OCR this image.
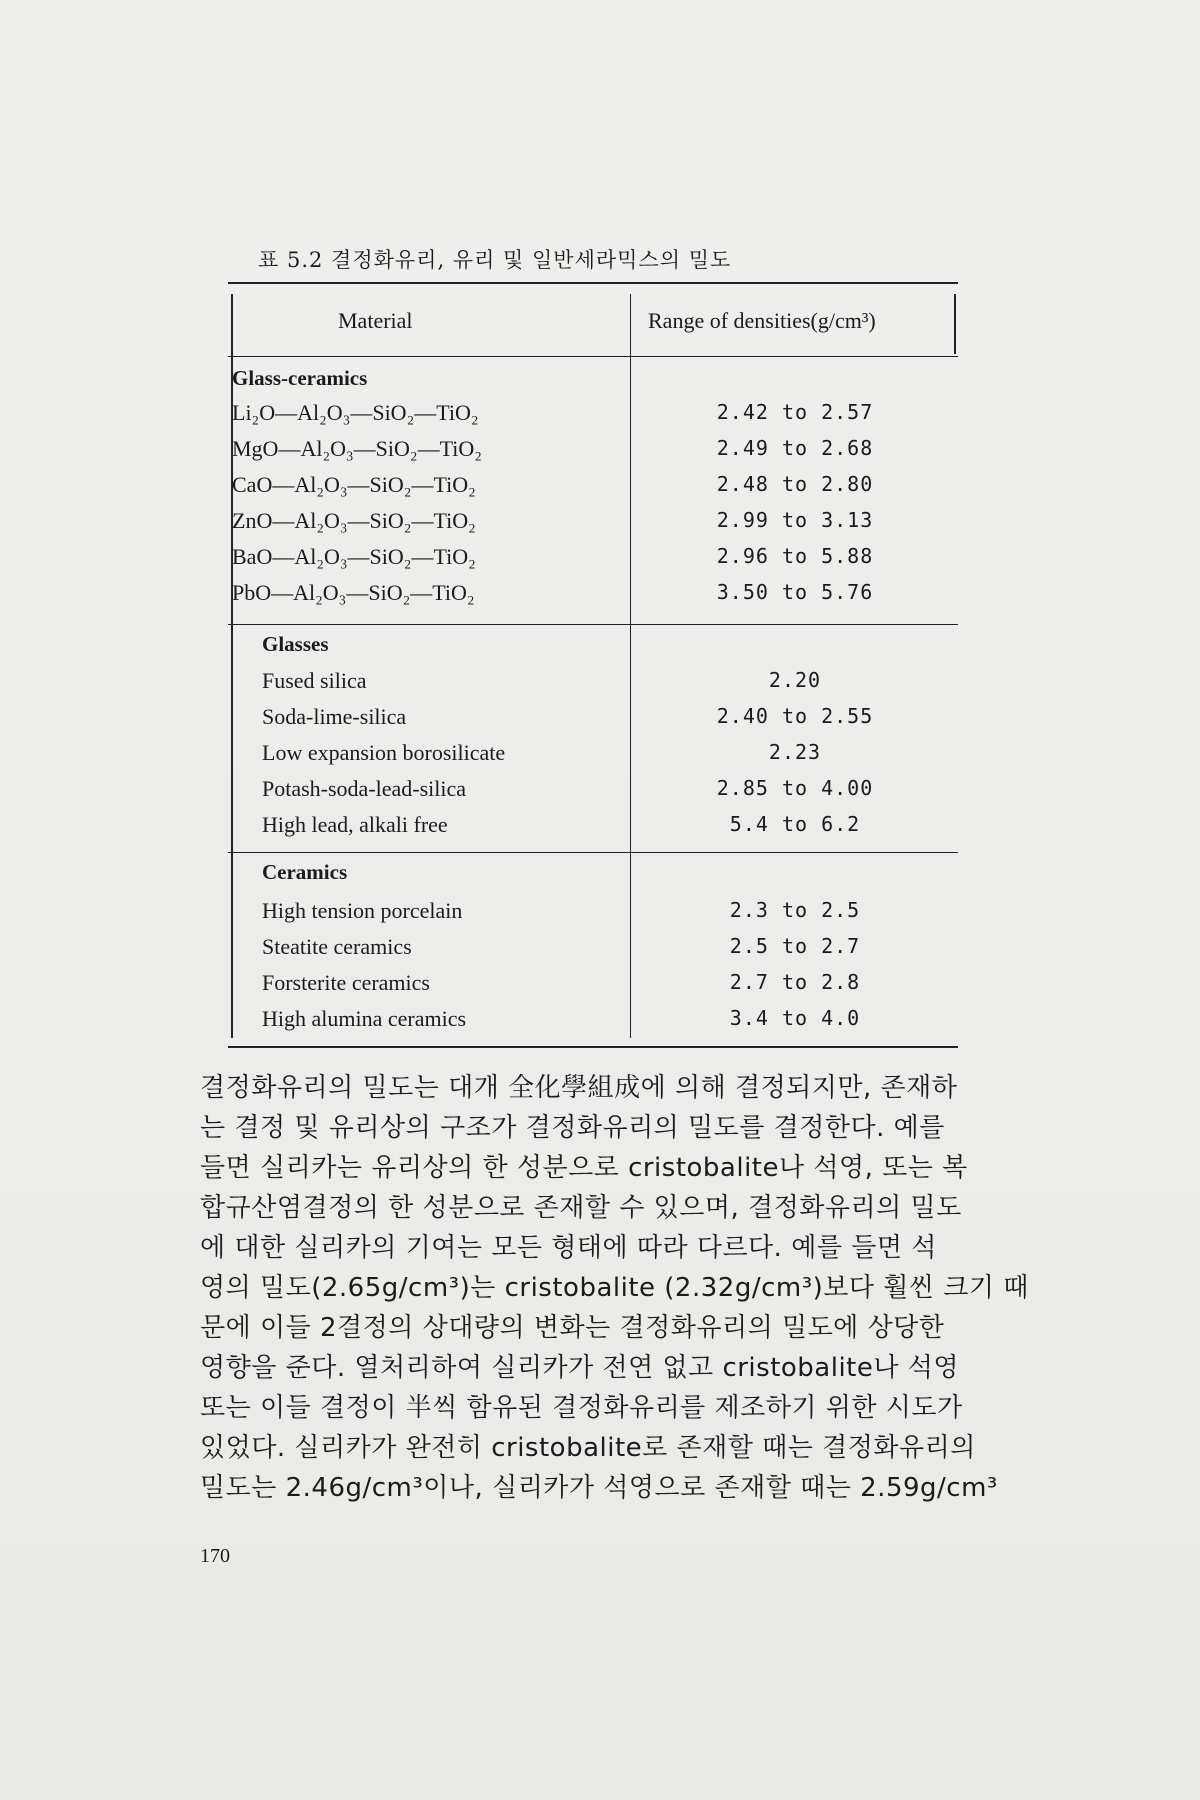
표 5.2 결정화유리, 유리 및 일반세라믹스의 밀도
Material	Range of densities(g/cm³)
Glass-ceramics
Li₂O—Al₂O₃—SiO₂—TiO₂	2.42 to 2.57
MgO—Al₂O₃—SiO₂—TiO₂	2.49 to 2.68
CaO—Al₂O₃—SiO₂—TiO₂	2.48 to 2.80
ZnO—Al₂O₃—SiO₂—TiO₂	2.99 to 3.13
BaO—Al₂O₃—SiO₂—TiO₂	2.96 to 5.88
PbO—Al₂O₃—SiO₂—TiO₂	3.50 to 5.76
Glasses
Fused silica	2.20
Soda-lime-silica	2.40 to 2.55
Low expansion borosilicate	2.23
Potash-soda-lead-silica	2.85 to 4.00
High lead, alkali free	5.4 to 6.2
Ceramics
High tension porcelain	2.3 to 2.5
Steatite ceramics	2.5 to 2.7
Forsterite ceramics	2.7 to 2.8
High alumina ceramics	3.4 to 4.0
결정화유리의 밀도는 대개 全化學組成에 의해 결정되지만, 존재하
는 결정 및 유리상의 구조가 결정화유리의 밀도를 결정한다. 예를
들면 실리카는 유리상의 한 성분으로 cristobalite나 석영, 또는 복
합규산염결정의 한 성분으로 존재할 수 있으며, 결정화유리의 밀도
에 대한 실리카의 기여는 모든 형태에 따라 다르다. 예를 들면 석
영의 밀도(2.65g/cm³)는 cristobalite (2.32g/cm³)보다 훨씬 크기 때
문에 이들 2결정의 상대량의 변화는 결정화유리의 밀도에 상당한
영향을 준다. 열처리하여 실리카가 전연 없고 cristobalite나 석영
또는 이들 결정이 半씩 함유된 결정화유리를 제조하기 위한 시도가
있었다. 실리카가 완전히 cristobalite로 존재할 때는 결정화유리의
밀도는 2.46g/cm³이나, 실리카가 석영으로 존재할 때는 2.59g/cm³
170
